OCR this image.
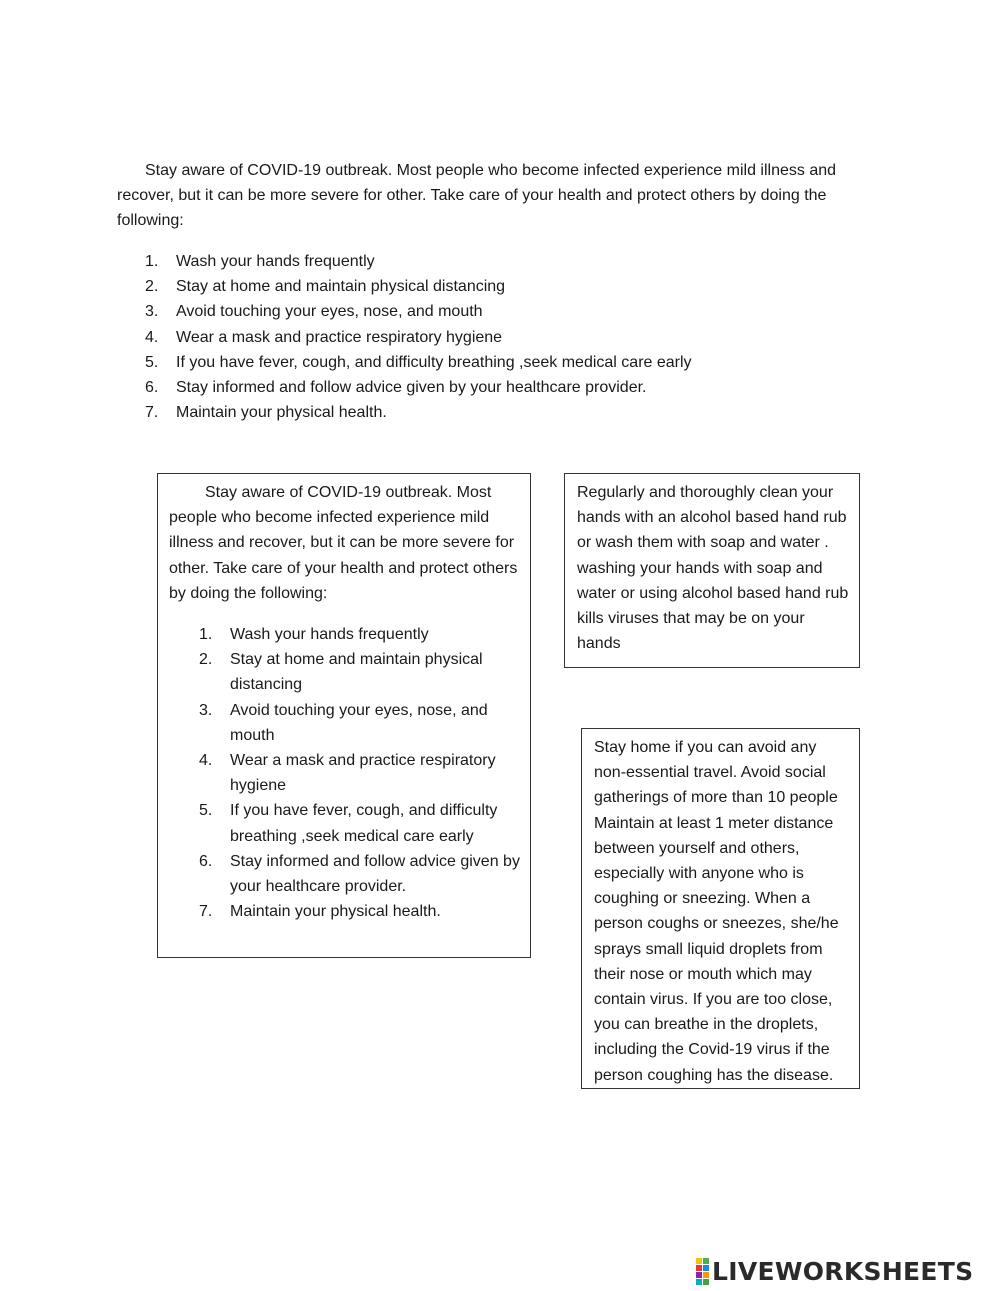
Stay aware of COVID-19 outbreak. Most people who become infected experience mild illness and recover, but it can be more severe for other. Take care of your health and protect others by doing the following:

1.	Wash your hands frequently
2.	Stay at home and maintain physical distancing
3.	Avoid touching your eyes, nose, and mouth
4.	Wear a mask and practice respiratory hygiene
5.	If you have fever, cough, and difficulty breathing ,seek medical care early
6.	Stay informed and follow advice given by your healthcare provider.
7.	Maintain your physical health.

Stay aware of COVID-19 outbreak. Most people who become infected experience mild illness and recover, but it can be more severe for other. Take care of your health and protect others by doing the following:

1.	Wash your hands frequently
2.	Stay at home and maintain physical distancing
3.	Avoid touching your eyes, nose, and mouth
4.	Wear a mask and practice respiratory hygiene
5.	If you have fever, cough, and difficulty breathing ,seek medical care early
6.	Stay informed and follow advice given by your healthcare provider.
7.	Maintain your physical health.

Regularly and thoroughly clean your hands with an alcohol based hand rub or wash them with soap and water . washing your hands with soap and water or using alcohol based hand rub kills viruses that may be on your hands

Stay home if you can avoid any non-essential travel. Avoid social gatherings of more than 10 people Maintain at least 1 meter distance between yourself and others, especially with anyone who is coughing or sneezing. When a person coughs or sneezes, she/he sprays small liquid droplets from their nose or mouth which may contain virus. If you are too close, you can breathe in the droplets, including the Covid-19 virus if the person coughing has the disease.

LIVEWORKSHEETS
